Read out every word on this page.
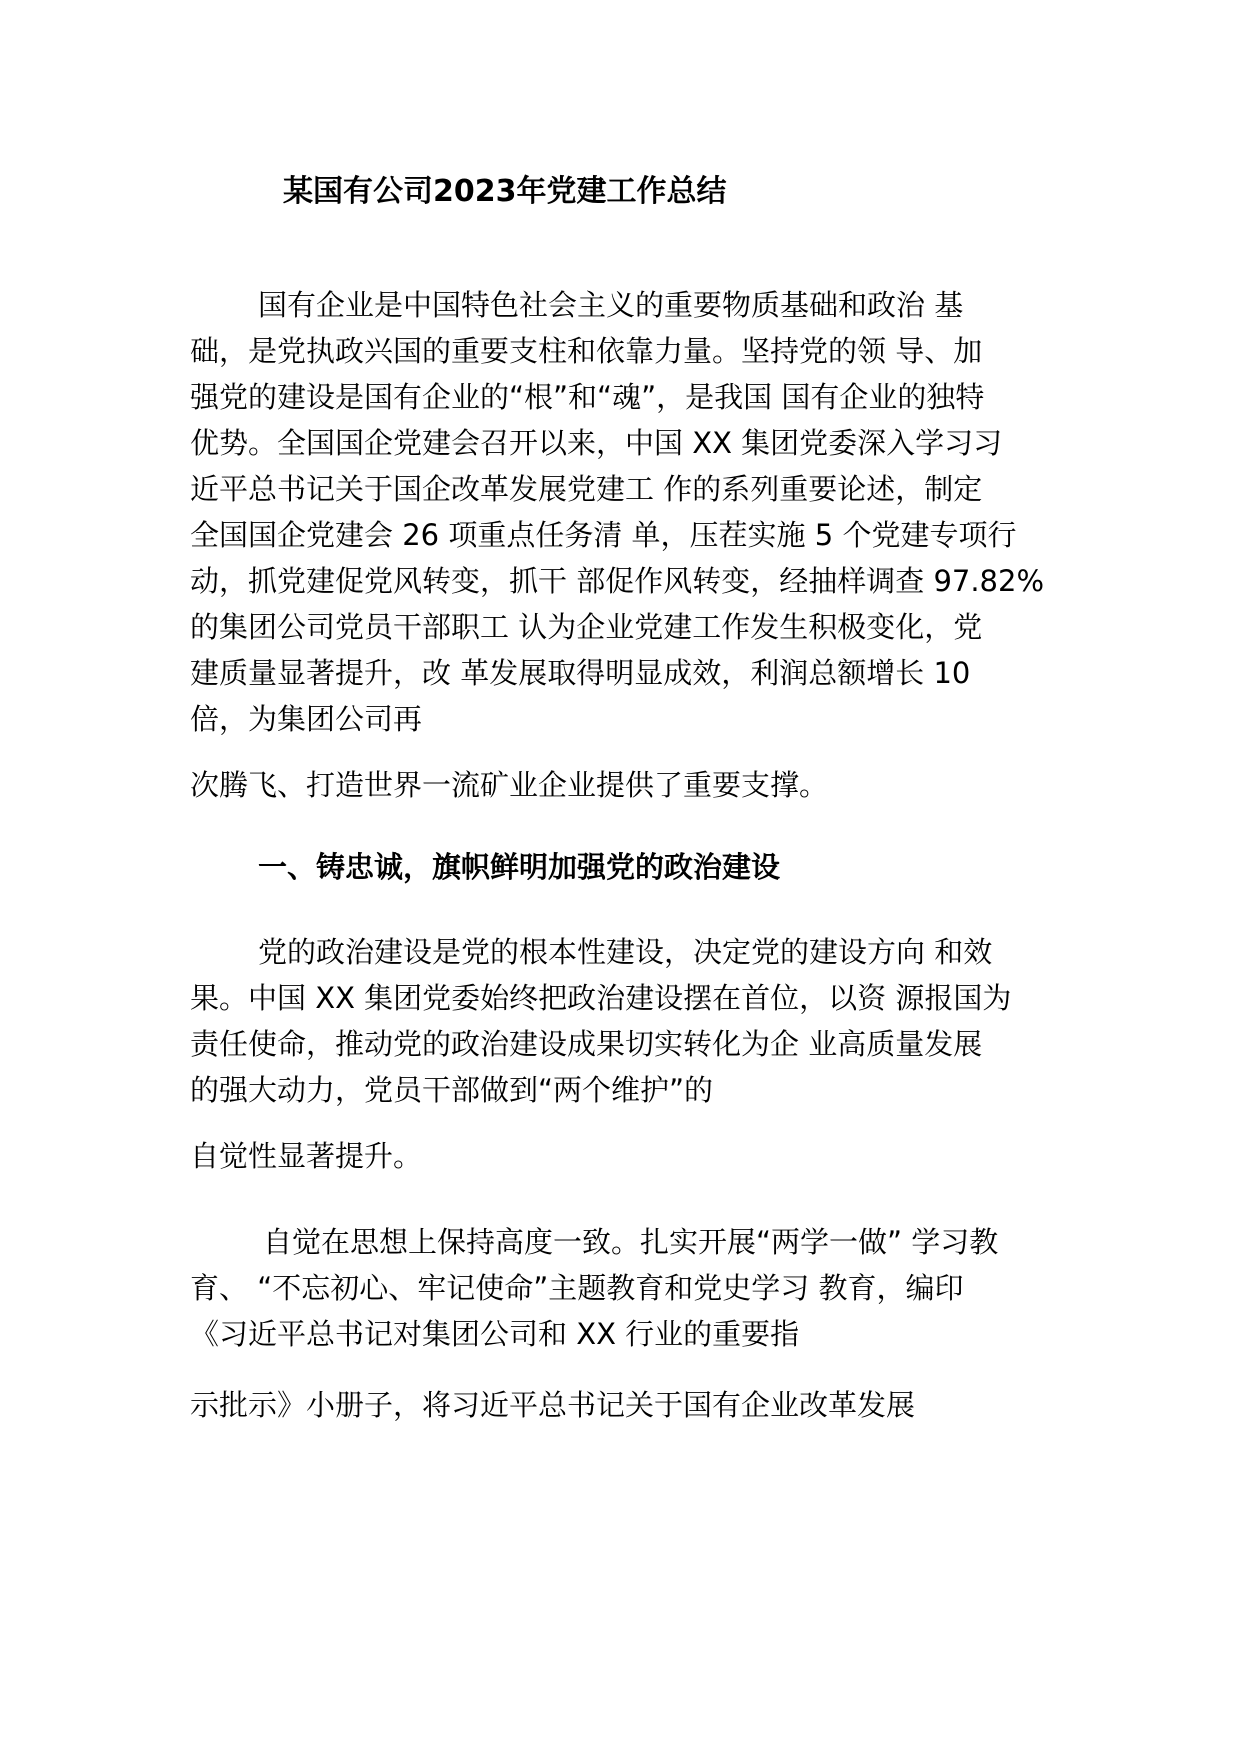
某国有公司2023年党建工作总结
国有企业是中国特色社会主义的重要物质基础和政治 基
础，是党执政兴国的重要支柱和依靠力量。坚持党的领 导、加
强党的建设是国有企业的“根”和“魂”，是我国 国有企业的独特
优势。全国国企党建会召开以来，中国 XX 集团党委深入学习习
近平总书记关于国企改革发展党建工 作的系列重要论述，制定
全国国企党建会 26 项重点任务清 单，压茬实施 5 个党建专项行
动，抓党建促党风转变，抓干 部促作风转变，经抽样调查 97.82%
的集团公司党员干部职工 认为企业党建工作发生积极变化，党
建质量显著提升，改 革发展取得明显成效，利润总额增长 10
倍，为集团公司再
次腾飞、打造世界一流矿业企业提供了重要支撑。
一、铸忠诚，旗帜鲜明加强党的政治建设
党的政治建设是党的根本性建设，决定党的建设方向 和效
果。中国 XX 集团党委始终把政治建设摆在首位，以资 源报国为
责任使命，推动党的政治建设成果切实转化为企 业高质量发展
的强大动力，党员干部做到“两个维护”的
自觉性显著提升。
自觉在思想上保持高度一致。扎实开展“两学一做” 学习教
育、 “不忘初心、牢记使命”主题教育和党史学习 教育，编印
《习近平总书记对集团公司和 XX 行业的重要指
示批示》小册子，将习近平总书记关于国有企业改革发展
